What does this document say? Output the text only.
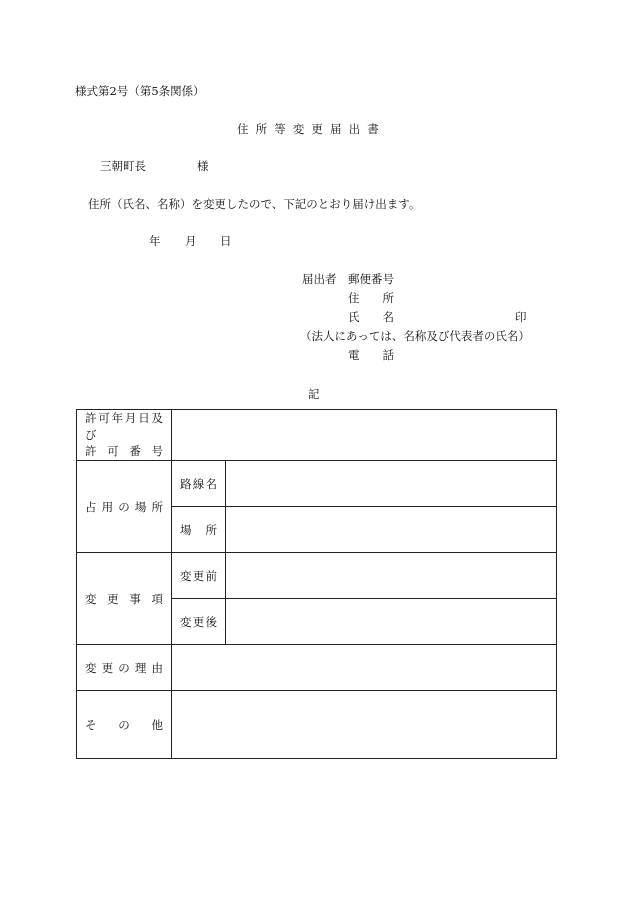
様式第2号（第5条関係）
住 所 等 変 更 届 出 書
三朝町長	様
住所（氏名、名称）を変更したので、下記のとおり届け出ます。
年 月 日
届出者 郵便番号
住　　所
氏　　名	印
（法人にあっては、名称及び代表者の氏名）
電　　話
記
許可年月日及び
許可番号		

占用の場所	路線名	
	場所	
変更事項	変更前	
	変更後	
変更の理由		
その他		
